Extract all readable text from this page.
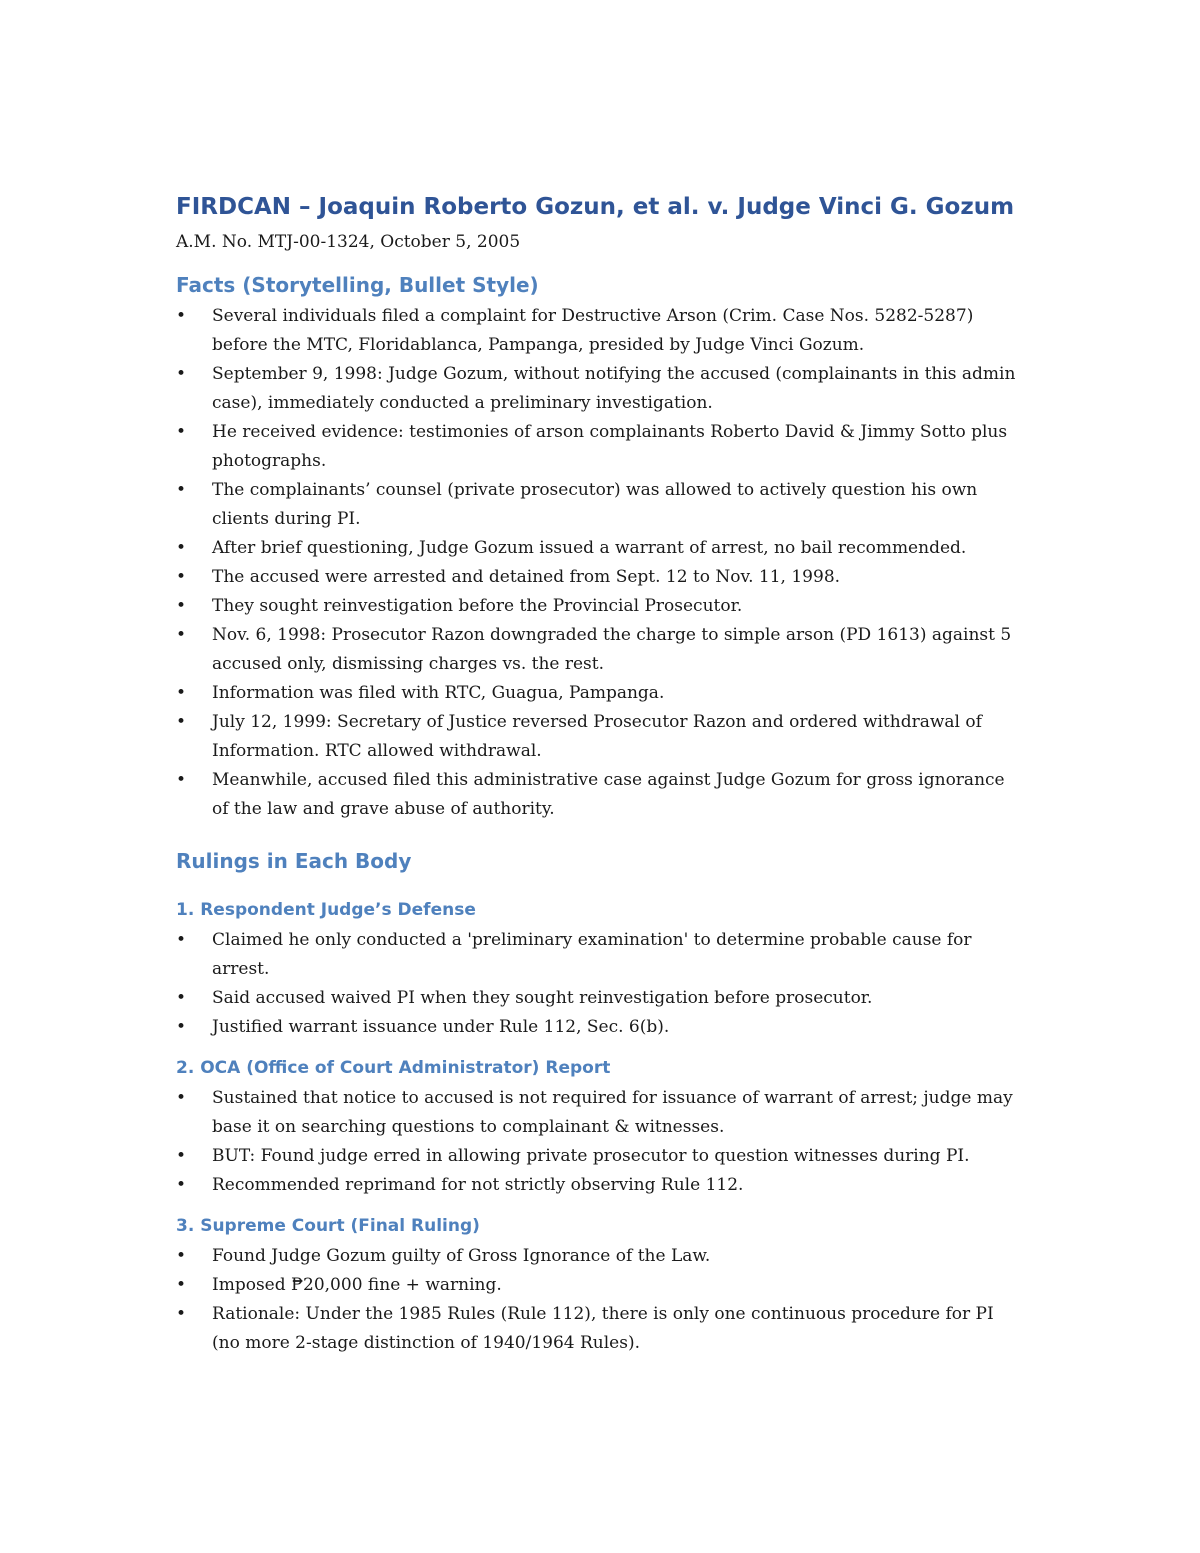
FIRDCAN – Joaquin Roberto Gozun, et al. v. Judge Vinci G. Gozum

A.M. No. MTJ-00-1324, October 5, 2005

Facts (Storytelling, Bullet Style)
• Several individuals filed a complaint for Destructive Arson (Crim. Case Nos. 5282-5287) before the MTC, Floridablanca, Pampanga, presided by Judge Vinci Gozum.
• September 9, 1998: Judge Gozum, without notifying the accused (complainants in this admin case), immediately conducted a preliminary investigation.
• He received evidence: testimonies of arson complainants Roberto David & Jimmy Sotto plus photographs.
• The complainants’ counsel (private prosecutor) was allowed to actively question his own clients during PI.
• After brief questioning, Judge Gozum issued a warrant of arrest, no bail recommended.
• The accused were arrested and detained from Sept. 12 to Nov. 11, 1998.
• They sought reinvestigation before the Provincial Prosecutor.
• Nov. 6, 1998: Prosecutor Razon downgraded the charge to simple arson (PD 1613) against 5 accused only, dismissing charges vs. the rest.
• Information was filed with RTC, Guagua, Pampanga.
• July 12, 1999: Secretary of Justice reversed Prosecutor Razon and ordered withdrawal of Information. RTC allowed withdrawal.
• Meanwhile, accused filed this administrative case against Judge Gozum for gross ignorance of the law and grave abuse of authority.
Rulings in Each Body
1. Respondent Judge’s Defense
• Claimed he only conducted a 'preliminary examination' to determine probable cause for arrest.
• Said accused waived PI when they sought reinvestigation before prosecutor.
• Justified warrant issuance under Rule 112, Sec. 6(b).
2. OCA (Office of Court Administrator) Report
• Sustained that notice to accused is not required for issuance of warrant of arrest; judge may base it on searching questions to complainant & witnesses.
• BUT: Found judge erred in allowing private prosecutor to question witnesses during PI.
• Recommended reprimand for not strictly observing Rule 112.
3. Supreme Court (Final Ruling)
• Found Judge Gozum guilty of Gross Ignorance of the Law.
• Imposed ₱20,000 fine + warning.
• Rationale: Under the 1985 Rules (Rule 112), there is only one continuous procedure for PI (no more 2-stage distinction of 1940/1964 Rules).
